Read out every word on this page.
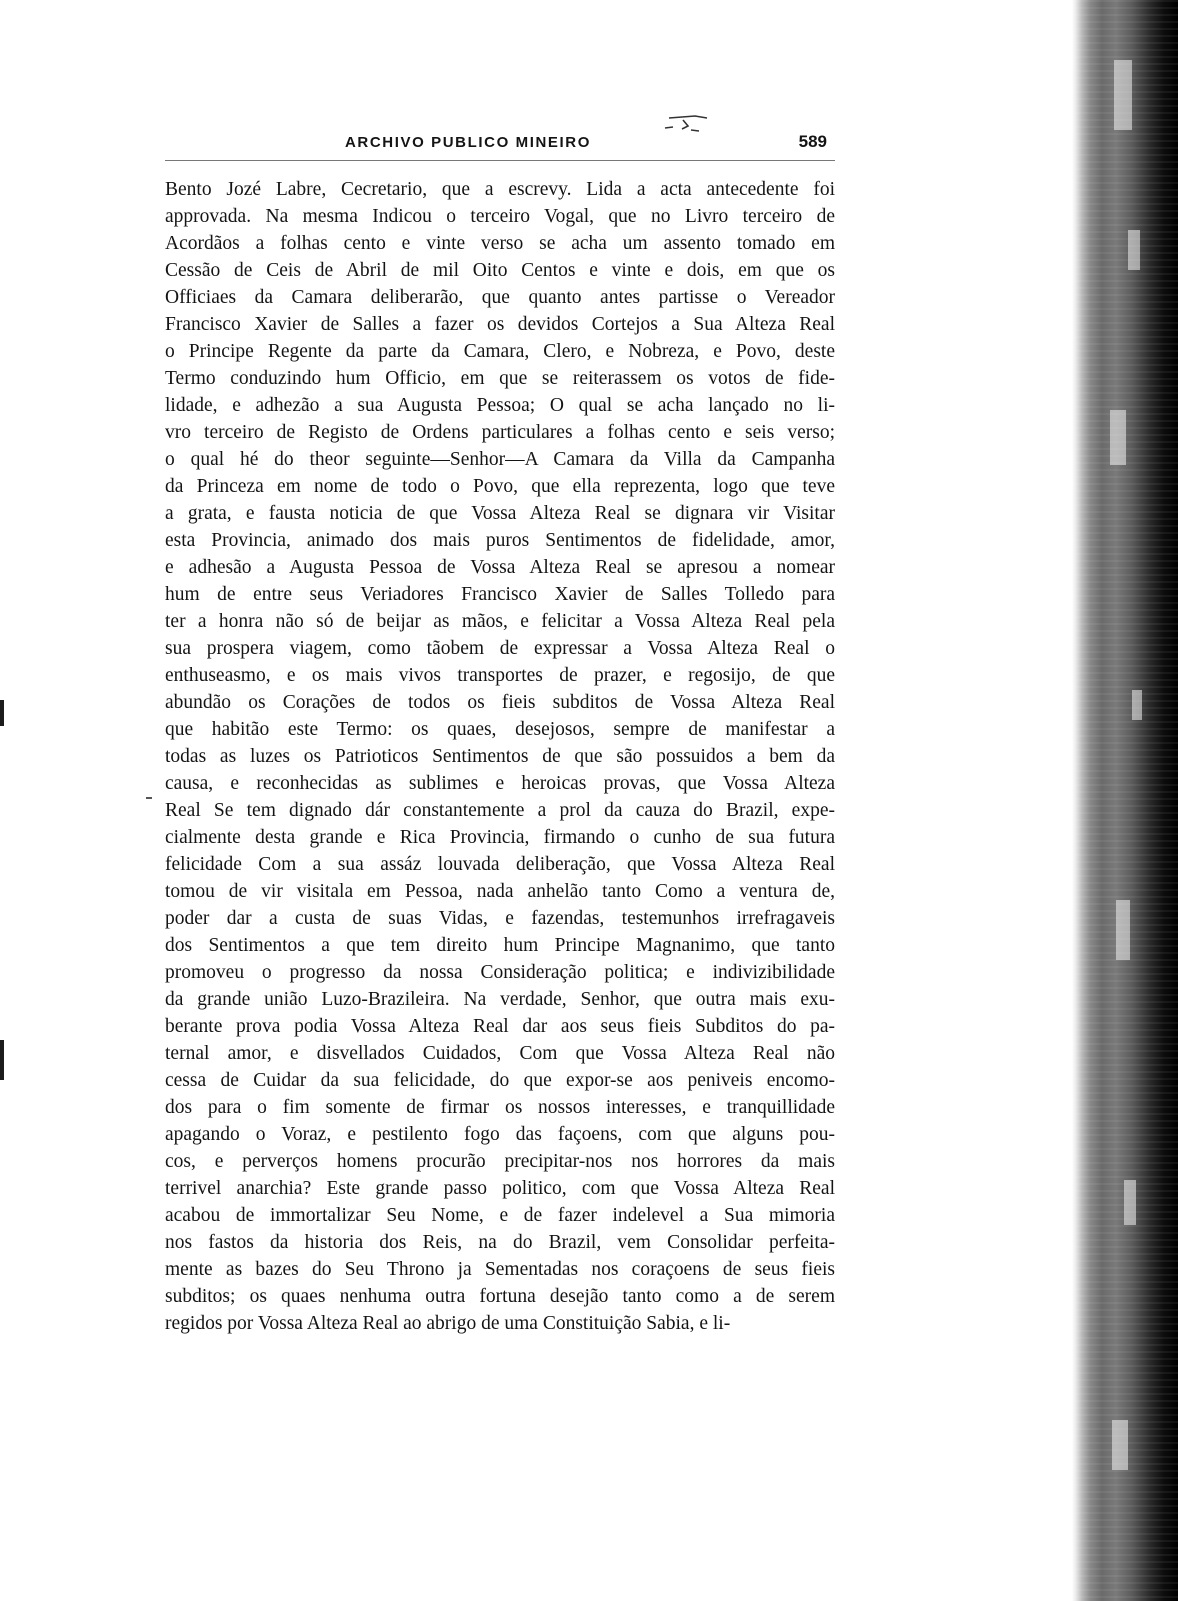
ARCHIVO PUBLICO MINEIRO	589
Bento Jozé Labre, Cecretario, que a escrevy. Lida a acta antecedente foi
approvada. Na mesma Indicou o terceiro Vogal, que no Livro terceiro de
Acordãos a folhas cento e vinte verso se acha um assento tomado em
Cessão de Ceis de Abril de mil Oito Centos e vinte e dois, em que os
Officiaes da Camara deliberarão, que quanto antes partisse o Vereador
Francisco Xavier de Salles a fazer os devidos Cortejos a Sua Alteza Real
o Principe Regente da parte da Camara, Clero, e Nobreza, e Povo, deste
Termo conduzindo hum Officio, em que se reiterassem os votos de fide-
lidade, e adhezão a sua Augusta Pessoa; O qual se acha lançado no li-
vro terceiro de Registo de Ordens particulares a folhas cento e seis verso;
o qual hé do theor seguinte—Senhor—A Camara da Villa da Campanha
da Princeza em nome de todo o Povo, que ella reprezenta, logo que teve
a grata, e fausta noticia de que Vossa Alteza Real se dignara vir Visitar
esta Provincia, animado dos mais puros Sentimentos de fidelidade, amor,
e adhesão a Augusta Pessoa de Vossa Alteza Real se apresou a nomear
hum de entre seus Veriadores Francisco Xavier de Salles Tolledo para
ter a honra não só de beijar as mãos, e felicitar a Vossa Alteza Real pela
sua prospera viagem, como tãobem de expressar a Vossa Alteza Real o
enthuseasmo, e os mais vivos transportes de prazer, e regosijo, de que
abundão os Corações de todos os fieis subditos de Vossa Alteza Real
que habitão este Termo: os quaes, desejosos, sempre de manifestar a
todas as luzes os Patrioticos Sentimentos de que são possuidos a bem da
causa, e reconhecidas as sublimes e heroicas provas, que Vossa Alteza
Real Se tem dignado dár constantemente a prol da cauza do Brazil, expe-
cialmente desta grande e Rica Provincia, firmando o cunho de sua futura
felicidade Com a sua assáz louvada deliberação, que Vossa Alteza Real
tomou de vir visitala em Pessoa, nada anhelão tanto Como a ventura de,
poder dar a custa de suas Vidas, e fazendas, testemunhos irrefragaveis
dos Sentimentos a que tem direito hum Principe Magnanimo, que tanto
promoveu o progresso da nossa Consideração politica; e indivizibilidade
da grande união Luzo-Brazileira. Na verdade, Senhor, que outra mais exu-
berante prova podia Vossa Alteza Real dar aos seus fieis Subditos do pa-
ternal amor, e disvellados Cuidados, Com que Vossa Alteza Real não
cessa de Cuidar da sua felicidade, do que expor-se aos peniveis encomo-
dos para o fim somente de firmar os nossos interesses, e tranquillidade
apagando o Voraz, e pestilento fogo das façoens, com que alguns pou-
cos, e perverços homens procurão precipitar-nos nos horrores da mais
terrivel anarchia? Este grande passo politico, com que Vossa Alteza Real
acabou de immortalizar Seu Nome, e de fazer indelevel a Sua mimoria
nos fastos da historia dos Reis, na do Brazil, vem Consolidar perfeita-
mente as bazes do Seu Throno ja Sementadas nos coraçoens de seus fieis
subditos; os quaes nenhuma outra fortuna desejão tanto como a de serem
regidos por Vossa Alteza Real ao abrigo de uma Constituição Sabia, e li-
